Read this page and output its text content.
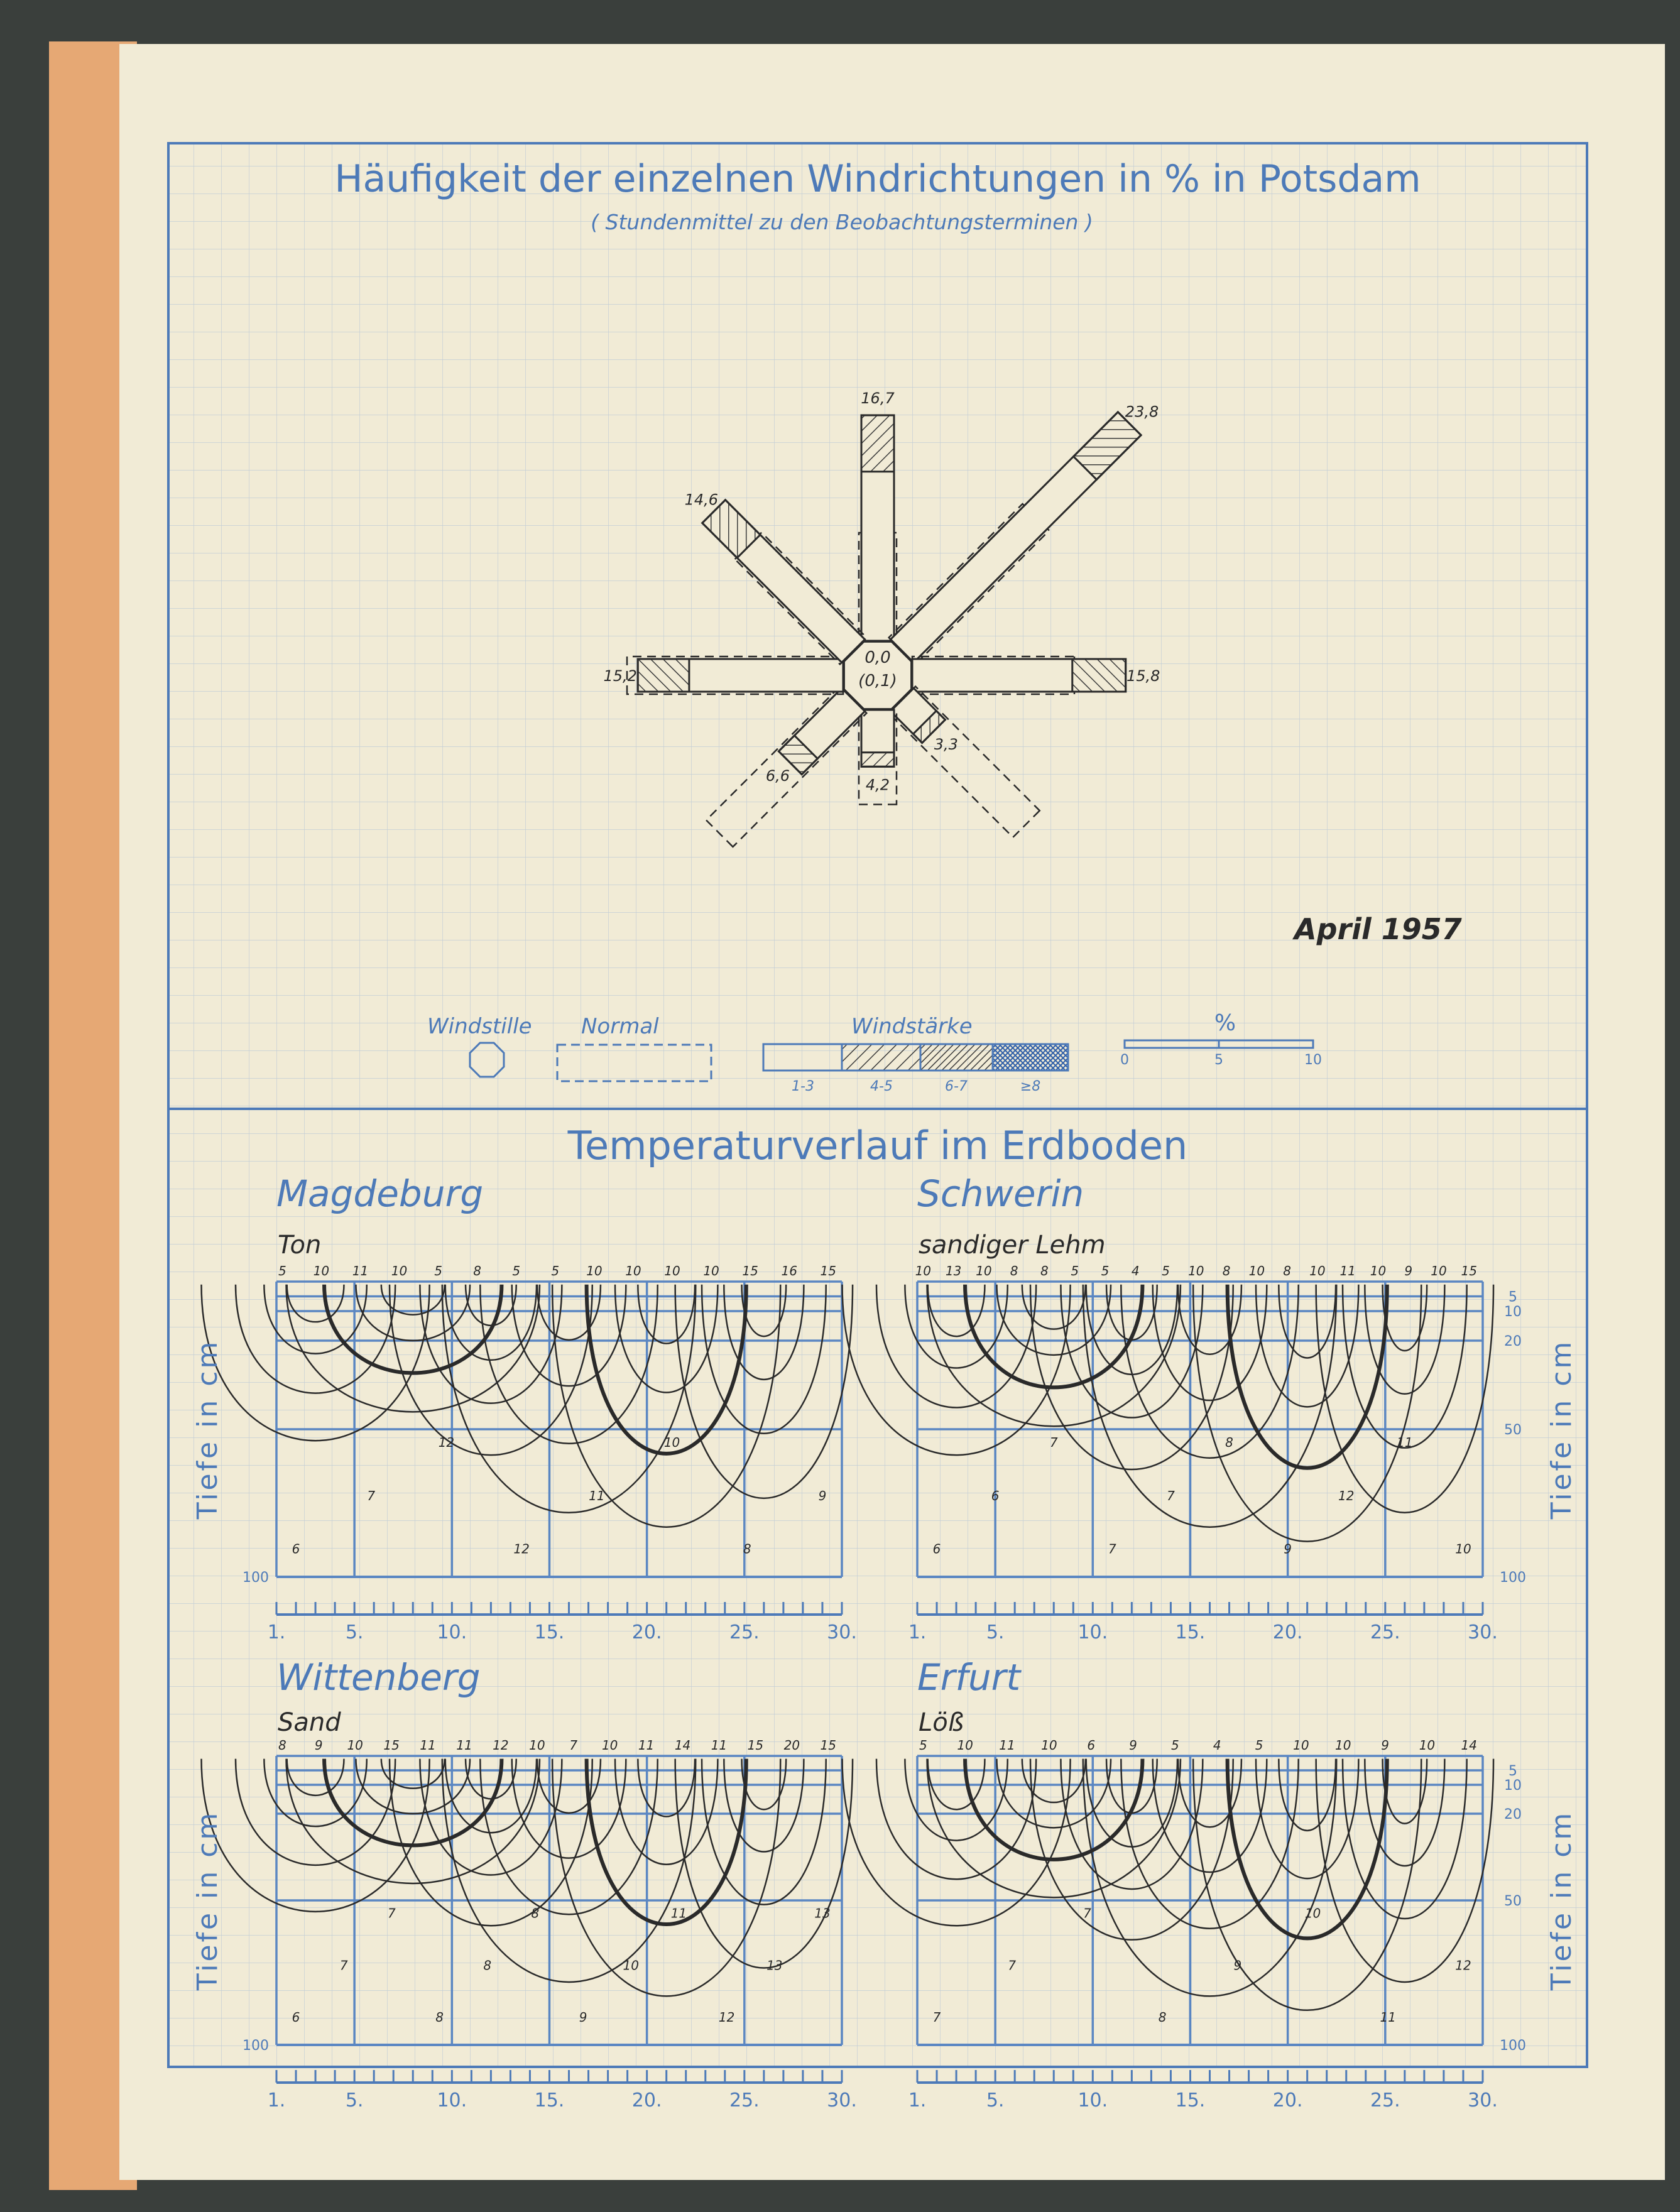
Häufigkeit der einzelnen Windrichtungen in % in Potsdam
( Stundenmittel zu den Beobachtungsterminen )
16,7
23,8
15,8
3,3
4,2
6,6
15,2
14,6
0,0
(0,1)
April 1957
Windstille Normal	Windstärke
1-3	4-5	6-7	≥8
%
0	5	10
Temperaturverlauf im Erdboden
Magdeburg
Ton
5 10 11 10 5 8 5 5 10 10 10 10 15 16 15
6
7
12
12
11
10
8
9
100
Tiefe in cm
1.	5.	10.	15.	20.	25.	30.
Schwerin
sandiger Lehm
10 13 10 8 8 5 5 4 5 10 8 10 8 10 11 10 9 10 15
6
6
7
7
7
8
9
12
11
10
5
10
20
50
100
Tiefe in cm
1.	5.	10.	15.	20.	25.	30.
Wittenberg
Sand
8 9 10 15 11 11 12 10 7 10 11 14 11 15 20 15
6
7
7
8
8
8
9
10
11
12
13
13
100
Tiefe in cm
1.	5.	10.	15.	20.	25.	30.
Erfurt
Löß
5 10 11 10 6	9	5	4	5 10 10 9 10 14
7
7
7
8
9
10
11
12
5
10
20
50
100
Tiefe in cm
1.	5.	10.	15.	20.	25.	30.
